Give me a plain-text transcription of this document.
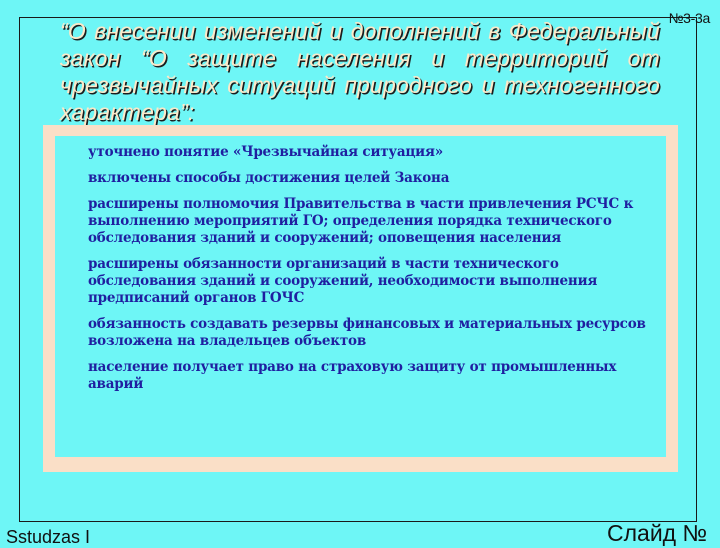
№3-3а
“О внесении изменений и дополнений в Федеральный закон “О защите населения и территорий от чрезвычайных ситуаций природного и техногенного характера”:
уточнено понятие «Чрезвычайная ситуация»
включены способы достижения целей Закона
расширены полномочия Правительства в части привлечения РСЧС к выполнению мероприятий ГО; определения порядка технического обследования зданий и сооружений; оповещения населения
расширены обязанности организаций в части технического обследования зданий и сооружений, необходимости выполнения предписаний органов ГОЧС
обязанность создавать резервы финансовых и материальных ресурсов возложена на владельцев объектов
население получает право на страховую защиту от промышленных аварий
Sstudzas I	Слайд №
